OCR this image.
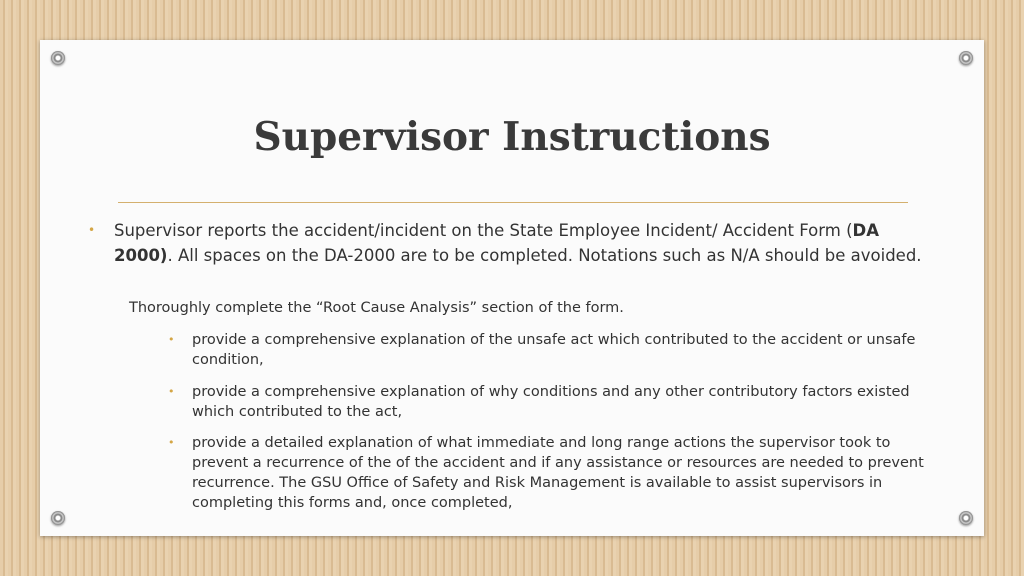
Supervisor Instructions
• Supervisor reports the accident/incident on the State Employee Incident/ Accident Form (DA 2000). All spaces on the DA-2000 are to be completed. Notations such as N/A should be avoided.
Thoroughly complete the “Root Cause Analysis” section of the form.
• provide a comprehensive explanation of the unsafe act which contributed to the accident or unsafe condition,
• provide a comprehensive explanation of why conditions and any other contributory factors existed which contributed to the act,
• provide a detailed explanation of what immediate and long range actions the supervisor took to prevent a recurrence of the of the accident and if any assistance or resources are needed to prevent recurrence. The GSU Office of Safety and Risk Management is available to assist supervisors in completing this forms and, once completed,
